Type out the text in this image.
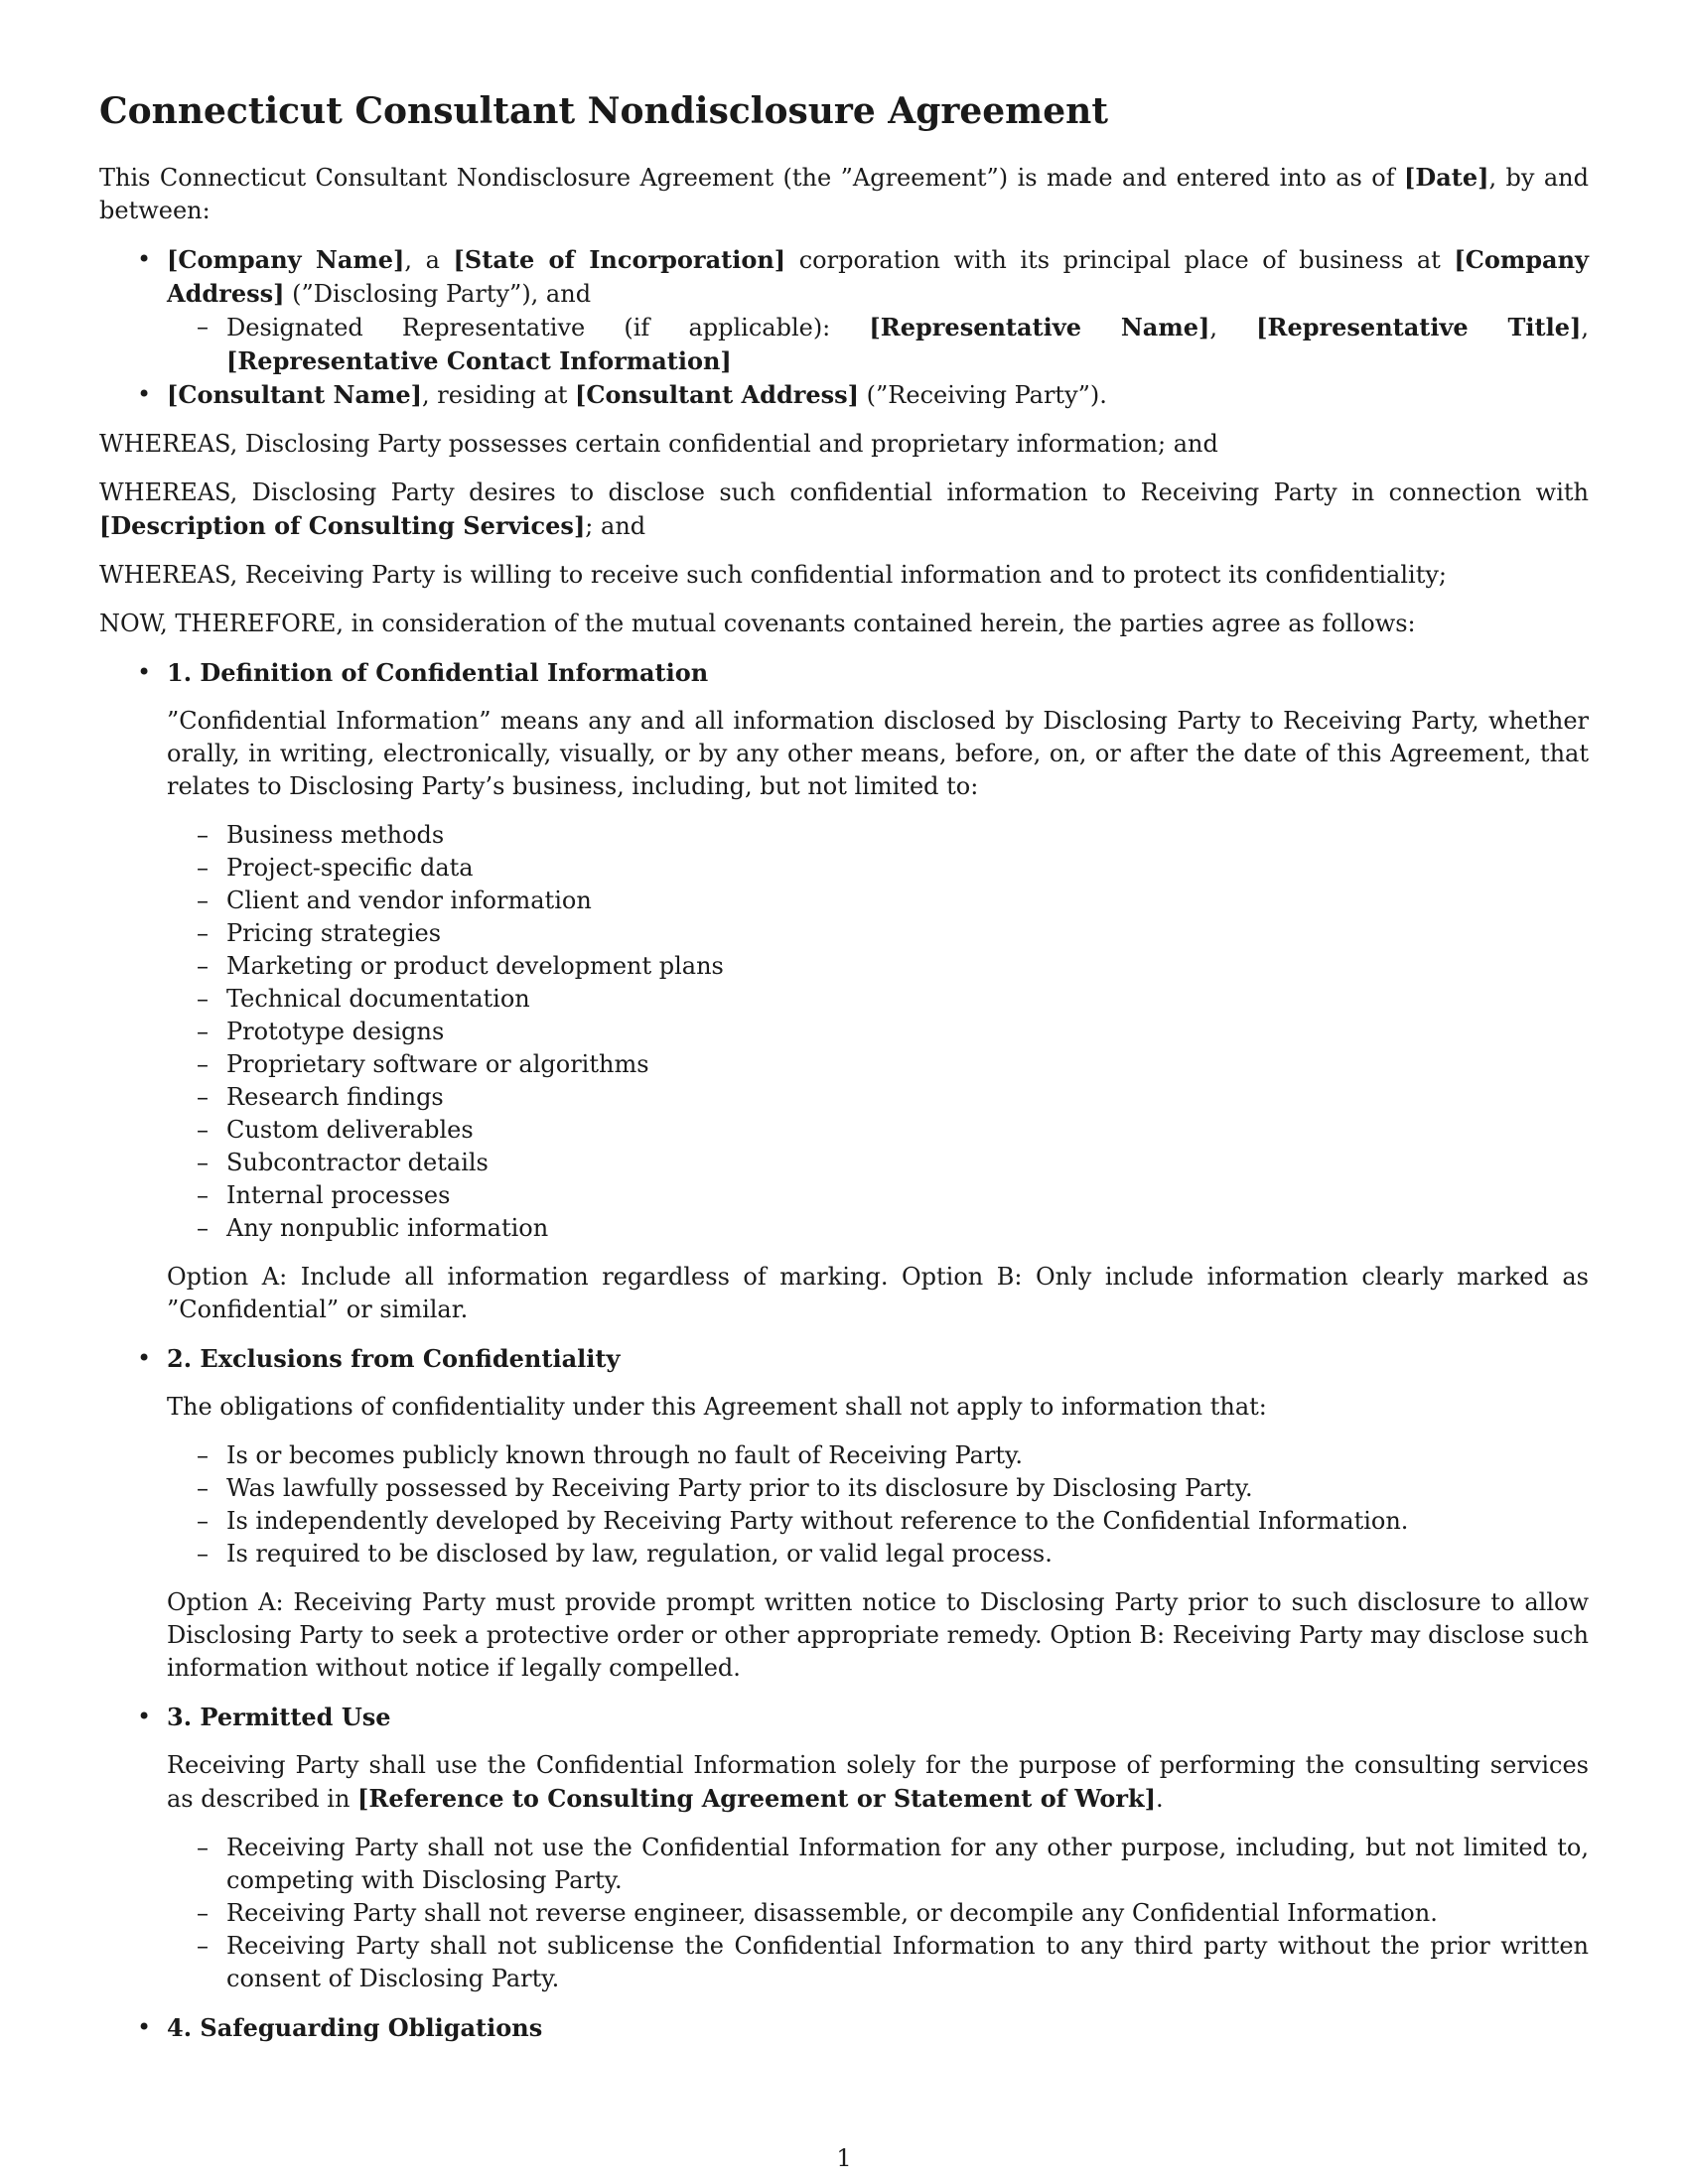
Connecticut Consultant Nondisclosure Agreement

This Connecticut Consultant Nondisclosure Agreement (the ”Agreement”) is made and entered into as of [Date], by and between:

• [Company Name], a [State of Incorporation] corporation with its principal place of business at [Company Address] (”Disclosing Party”), and
– Designated Representative (if applicable): [Representative Name], [Representative Title], [Representative Contact Information]
• [Consultant Name], residing at [Consultant Address] (”Receiving Party”).

WHEREAS, Disclosing Party possesses certain confidential and proprietary information; and

WHEREAS, Disclosing Party desires to disclose such confidential information to Receiving Party in connection with [Description of Consulting Services]; and

WHEREAS, Receiving Party is willing to receive such confidential information and to protect its confidentiality;

NOW, THEREFORE, in consideration of the mutual covenants contained herein, the parties agree as follows:

• 1. Definition of Confidential Information

”Confidential Information” means any and all information disclosed by Disclosing Party to Receiving Party, whether orally, in writing, electronically, visually, or by any other means, before, on, or after the date of this Agreement, that relates to Disclosing Party’s business, including, but not limited to:

– Business methods
– Project-specific data
– Client and vendor information
– Pricing strategies
– Marketing or product development plans
– Technical documentation
– Prototype designs
– Proprietary software or algorithms
– Research findings
– Custom deliverables
– Subcontractor details
– Internal processes
– Any nonpublic information

Option A: Include all information regardless of marking. Option B: Only include information clearly marked as ”Confidential” or similar.

• 2. Exclusions from Confidentiality

The obligations of confidentiality under this Agreement shall not apply to information that:

– Is or becomes publicly known through no fault of Receiving Party.
– Was lawfully possessed by Receiving Party prior to its disclosure by Disclosing Party.
– Is independently developed by Receiving Party without reference to the Confidential Information.
– Is required to be disclosed by law, regulation, or valid legal process.

Option A: Receiving Party must provide prompt written notice to Disclosing Party prior to such disclosure to allow Disclosing Party to seek a protective order or other appropriate remedy. Option B: Receiving Party may disclose such information without notice if legally compelled.

• 3. Permitted Use

Receiving Party shall use the Confidential Information solely for the purpose of performing the consulting services as described in [Reference to Consulting Agreement or Statement of Work].

– Receiving Party shall not use the Confidential Information for any other purpose, including, but not limited to, competing with Disclosing Party.
– Receiving Party shall not reverse engineer, disassemble, or decompile any Confidential Information.
– Receiving Party shall not sublicense the Confidential Information to any third party without the prior written consent of Disclosing Party.
• 4. Safeguarding Obligations
1
